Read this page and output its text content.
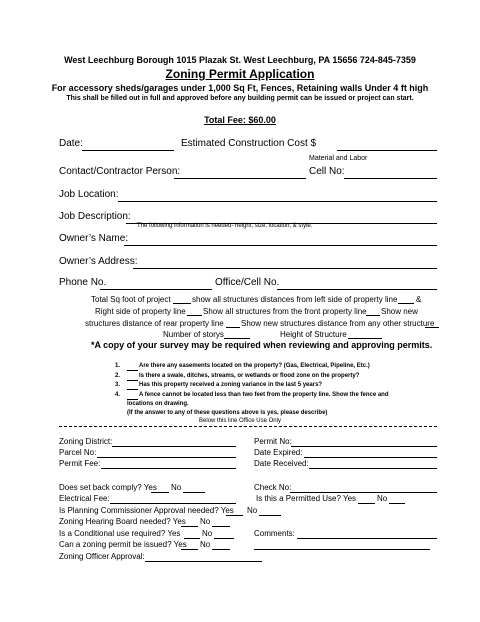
West Leechburg Borough 1015 Plazak St. West Leechburg, PA 15656 724-845-7359
Zoning Permit Application
For accessory sheds/garages under 1,000 Sq Ft, Fences, Retaining walls Under 4 ft high
This shall be filled out in full and approved before any building permit can be issued or project can start.
Total Fee: $60.00
Date:	Estimated Construction Cost $
Material and Labor
Contact/Contractor Person:	Cell No:
Job Location:
Job Description:
The following information is needed- height, size, location, & style.
Owner’s Name:
Owner’s Address:
Phone No.	Office/Cell No.
Total Sq foot of project	show all structures distances from left side of property line &
Right side of property line Show all structures from the front property line Show new
structures distance of rear property line Show new structures distance from any other structure
Number of storys	Height of Structure
*A copy of your survey may be required when reviewing and approving permits.
1.	Are there any easements located on the property? (Gas, Electrical, Pipeline, Etc.)
2.	Is there a swale, ditches, streams, or wetlands or flood zone on the property?
3.	Has this property received a zoning variance in the last 5 years?
4.	A fence cannot be located less than two feet from the property line. Show the fence and
locations on drawing.
(If the answer to any of these questions above is yes, please describe)
Below this line Office Use Only
Zoning District:	Permit No:
Parcel No:	Date Expired:
Permit Fee:	Date Received:
Does set back comply? Yes No	Check No:
Electrical Fee:	Is this a Permitted Use? Yes	No
Is Planning Commissioner Approval needed? Yes No
Zoning Hearing Board needed? Yes No
Is a Conditional use required? Yes	No	Comments:
Can a zoning permit be issued? Yes No
Zoning Officer Approval:
